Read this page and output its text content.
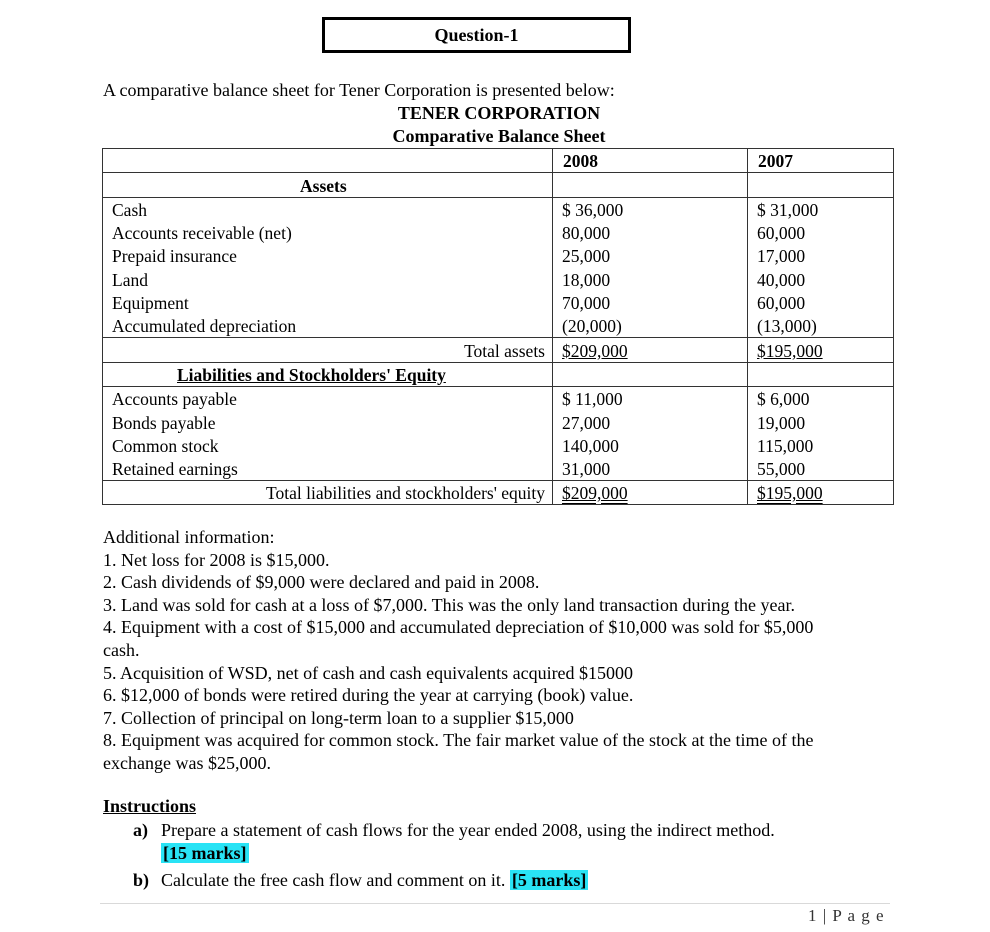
Question-1
A comparative balance sheet for Tener Corporation is presented below:
TENER CORPORATION
Comparative Balance Sheet
	2008	2007
Assets		
Cash	$ 36,000	$ 31,000
Accounts receivable (net)	80,000	60,000
Prepaid insurance	25,000	17,000
Land	18,000	40,000
Equipment	70,000	60,000
Accumulated depreciation	(20,000)	(13,000)
Total assets	$209,000	$195,000
Liabilities and Stockholders' Equity		
Accounts payable	$ 11,000	$ 6,000
Bonds payable	27,000	19,000
Common stock	140,000	115,000
Retained earnings	31,000	55,000
Total liabilities and stockholders' equity	$209,000	$195,000
Additional information:
1. Net loss for 2008 is $15,000.
2. Cash dividends of $9,000 were declared and paid in 2008.
3. Land was sold for cash at a loss of $7,000. This was the only land transaction during the year.
4. Equipment with a cost of $15,000 and accumulated depreciation of $10,000 was sold for $5,000 cash.
5. Acquisition of WSD, net of cash and cash equivalents acquired $15000
6. $12,000 of bonds were retired during the year at carrying (book) value.
7. Collection of principal on long-term loan to a supplier $15,000
8. Equipment was acquired for common stock. The fair market value of the stock at the time of the exchange was $25,000.
Instructions
a) Prepare a statement of cash flows for the year ended 2008, using the indirect method.
[15 marks]
b) Calculate the free cash flow and comment on it. [5 marks]
1 | P a g e
